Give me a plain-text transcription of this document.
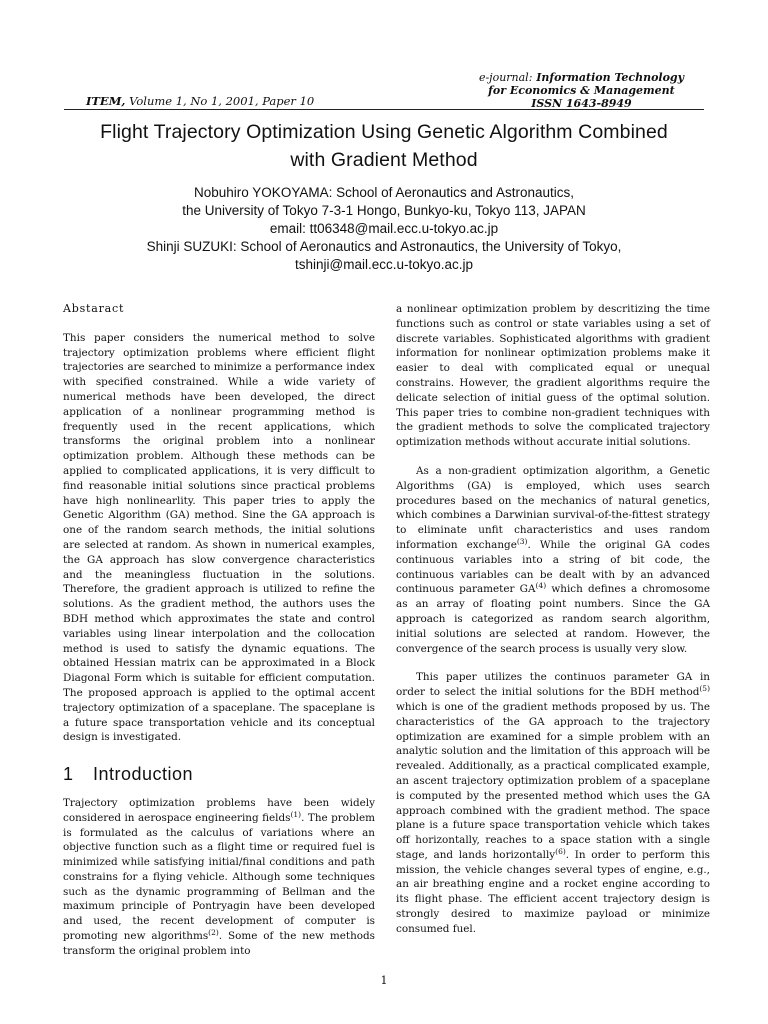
ITEM, Volume 1, No 1, 2001, Paper 10
e-journal: Information Technology
for Economics & Management
ISSN 1643-8949
Flight Trajectory Optimization Using Genetic Algorithm Combined
with Gradient Method
Nobuhiro YOKOYAMA: School of Aeronautics and Astronautics,
the University of Tokyo 7-3-1 Hongo, Bunkyo-ku, Tokyo 113, JAPAN
email: tt06348@mail.ecc.u-tokyo.ac.jp
Shinji SUZUKI: School of Aeronautics and Astronautics, the University of Tokyo,
tshinji@mail.ecc.u-tokyo.ac.jp
Abstaract

This paper considers the numerical method to solve trajectory optimization problems where efficient flight trajectories are searched to minimize a performance index with specified constrained. While a wide variety of numerical methods have been developed, the direct application of a nonlinear programming method is frequently used in the recent applications, which transforms the original problem into a nonlinear optimization problem. Although these methods can be applied to complicated applications, it is very difficult to find reasonable initial solutions since practical problems have high nonlinearlity. This paper tries to apply the Genetic Algorithm (GA) method. Sine the GA approach is one of the random search methods, the initial solutions are selected at random. As shown in numerical examples, the GA approach has slow convergence characteristics and the meaningless fluctuation in the solutions. Therefore, the gradient approach is utilized to refine the solutions. As the gradient method, the authors uses the BDH method which approximates the state and control variables using linear interpolation and the collocation method is used to satisfy the dynamic equations. The obtained Hessian matrix can be approximated in a Block Diagonal Form which is suitable for efficient computation. The proposed approach is applied to the optimal accent trajectory optimization of a spaceplane. The spaceplane is a future space transportation vehicle and its conceptual design is investigated.

1 Introduction

Trajectory optimization problems have been widely considered in aerospace engineering fields$^{(1)}$. The problem is formulated as the calculus of variations where an objective function such as a flight time or required fuel is minimized while satisfying initial/final conditions and path constrains for a flying vehicle. Although some techniques such as the dynamic programming of Bellman and the maximum principle of Pontryagin have been developed and used, the recent development of computer is promoting new algorithms$^{(2)}$. Some of the new methods transform the original problem into

a nonlinear optimization problem by descritizing the time functions such as control or state variables using a set of discrete variables. Sophisticated algorithms with gradient information for nonlinear optimization problems make it easier to deal with complicated equal or unequal constrains. However, the gradient algorithms require the delicate selection of initial guess of the optimal solution. This paper tries to combine non-gradient techniques with the gradient methods to solve the complicated trajectory optimization methods without accurate initial solutions.

As a non-gradient optimization algorithm, a Genetic Algorithms (GA) is employed, which uses search procedures based on the mechanics of natural genetics, which combines a Darwinian survival-of-the-fittest strategy to eliminate unfit characteristics and uses random information exchange$^{(3)}$. While the original GA codes continuous variables into a string of bit code, the continuous variables can be dealt with by an advanced continuous parameter GA$^{(4)}$ which defines a chromosome as an array of floating point numbers. Since the GA approach is categorized as random search algorithm, initial solutions are selected at random. However, the convergence of the search process is usually very slow.

This paper utilizes the continuos parameter GA in order to select the initial solutions for the BDH method$^{(5)}$ which is one of the gradient methods proposed by us. The characteristics of the GA approach to the trajectory optimization are examined for a simple problem with an analytic solution and the limitation of this approach will be revealed. Additionally, as a practical complicated example, an ascent trajectory optimization problem of a spaceplane is computed by the presented method which uses the GA approach combined with the gradient method. The space plane is a future space transportation vehicle which takes off horizontally, reaches to a space station with a single stage, and lands horizontally$^{(6)}$. In order to perform this mission, the vehicle changes several types of engine, e.g., an air breathing engine and a rocket engine according to its flight phase. The efficient accent trajectory design is strongly desired to maximize payload or minimize consumed fuel.

1
